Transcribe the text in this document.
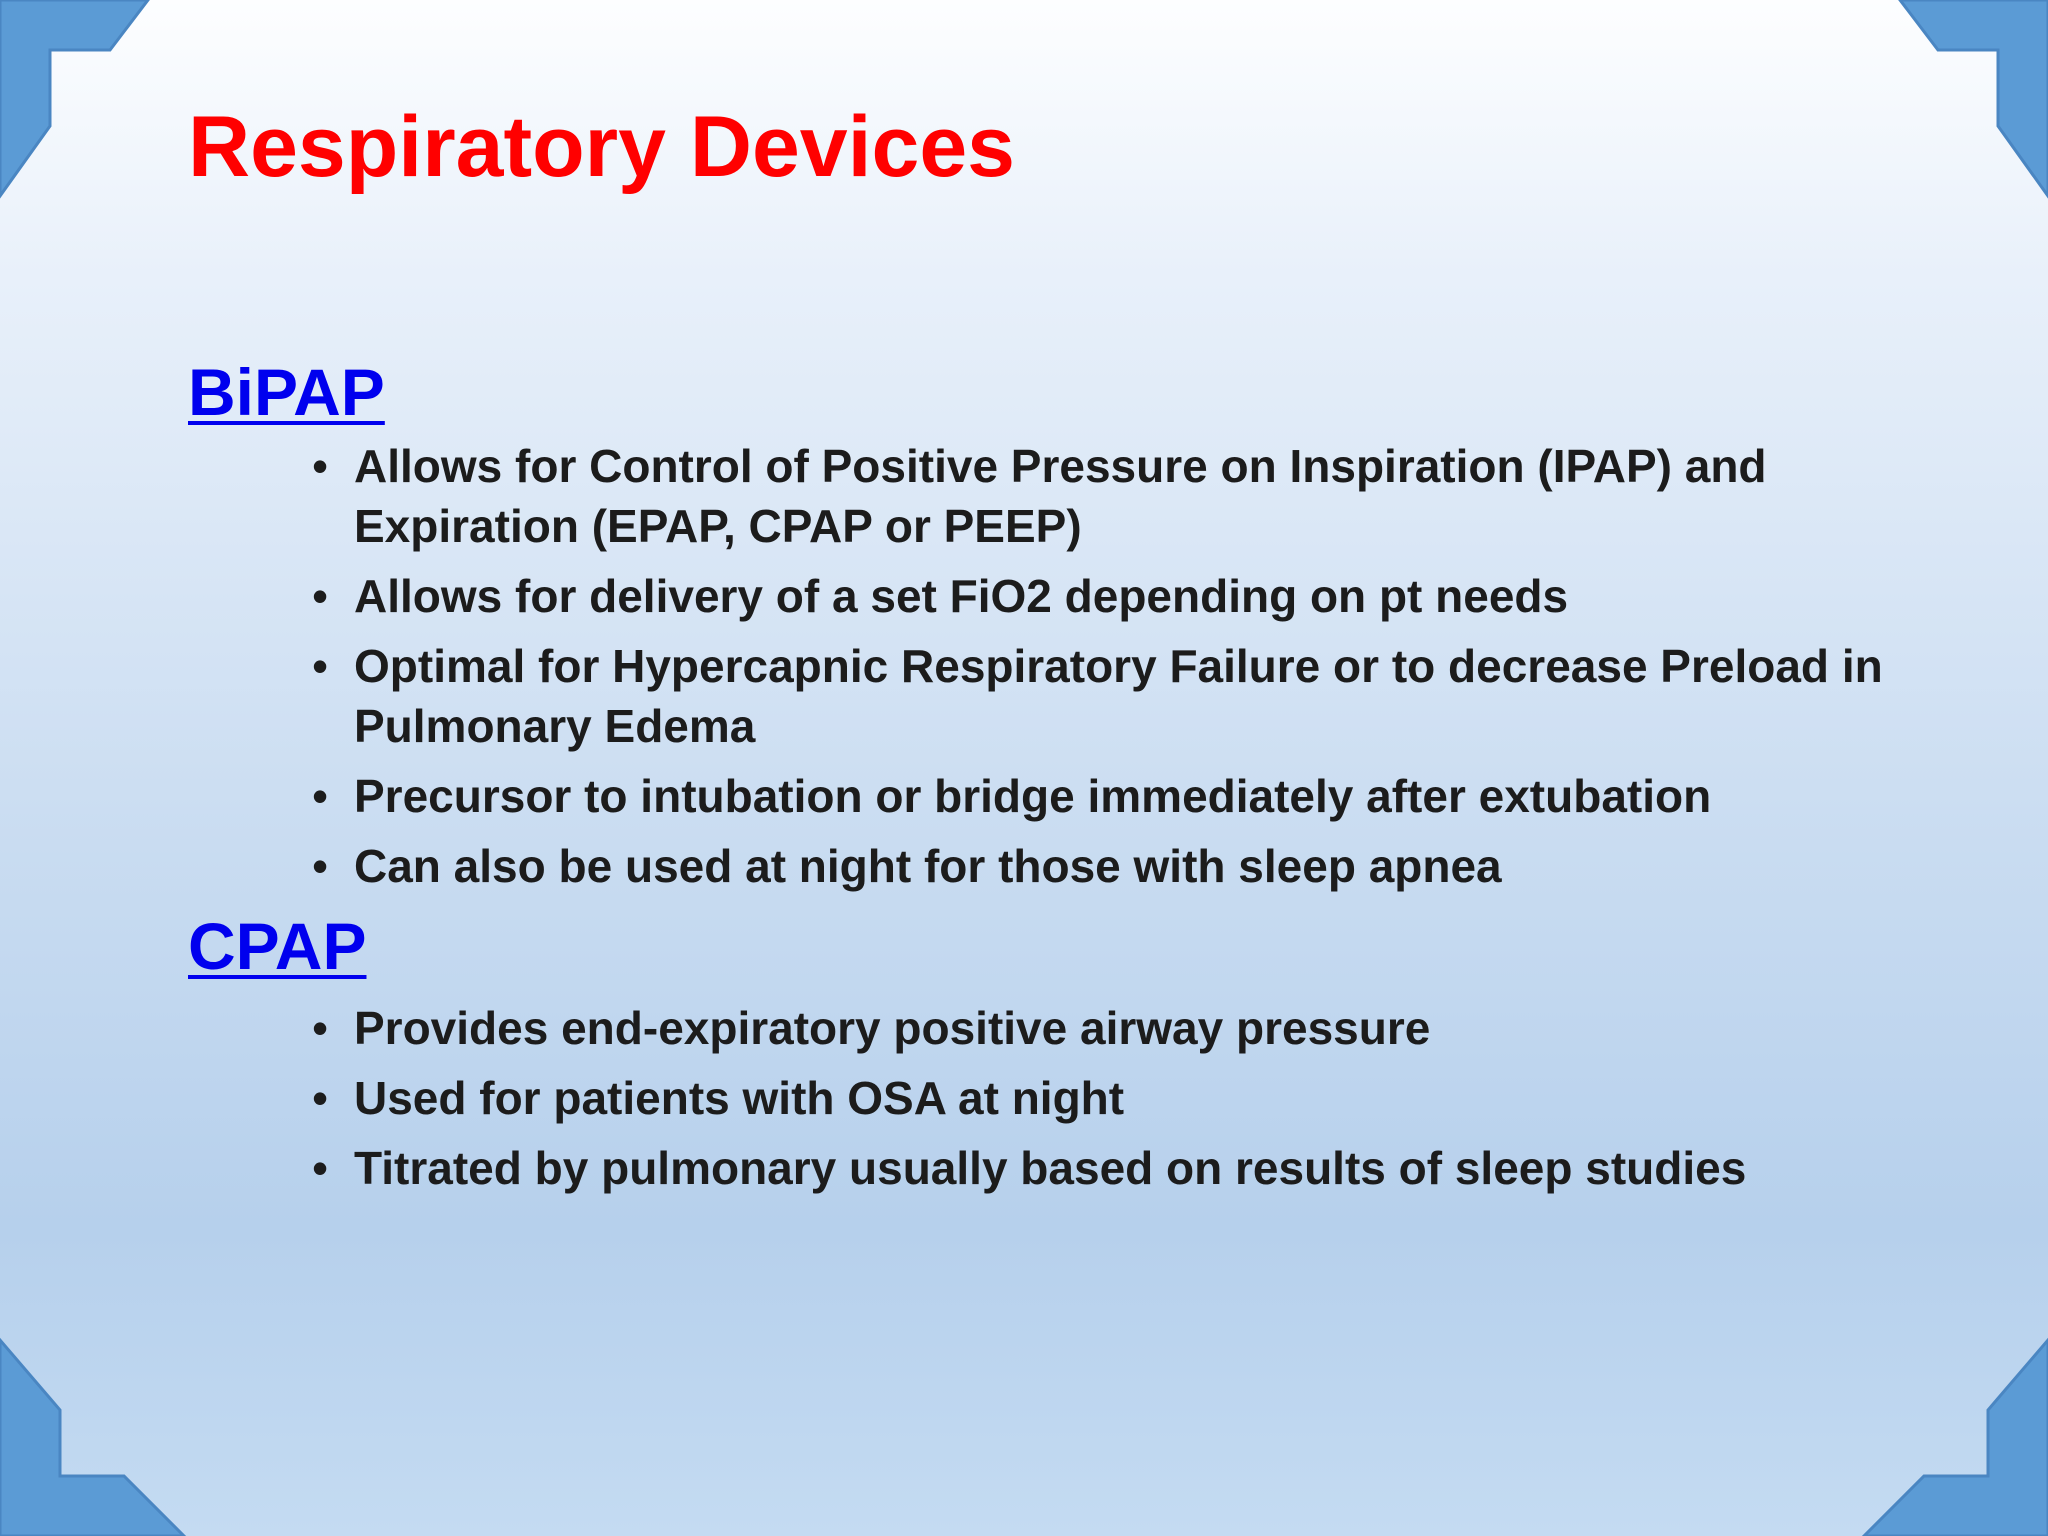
Respiratory Devices
BiPAP
• Allows for Control of Positive Pressure on Inspiration (IPAP) and Expiration (EPAP, CPAP or PEEP)
• Allows for delivery of a set FiO2 depending on pt needs
• Optimal for Hypercapnic Respiratory Failure or to decrease Preload in Pulmonary Edema
• Precursor to intubation or bridge immediately after extubation
• Can also be used at night for those with sleep apnea
CPAP
• Provides end-expiratory positive airway pressure
• Used for patients with OSA at night
• Titrated by pulmonary usually based on results of sleep studies
